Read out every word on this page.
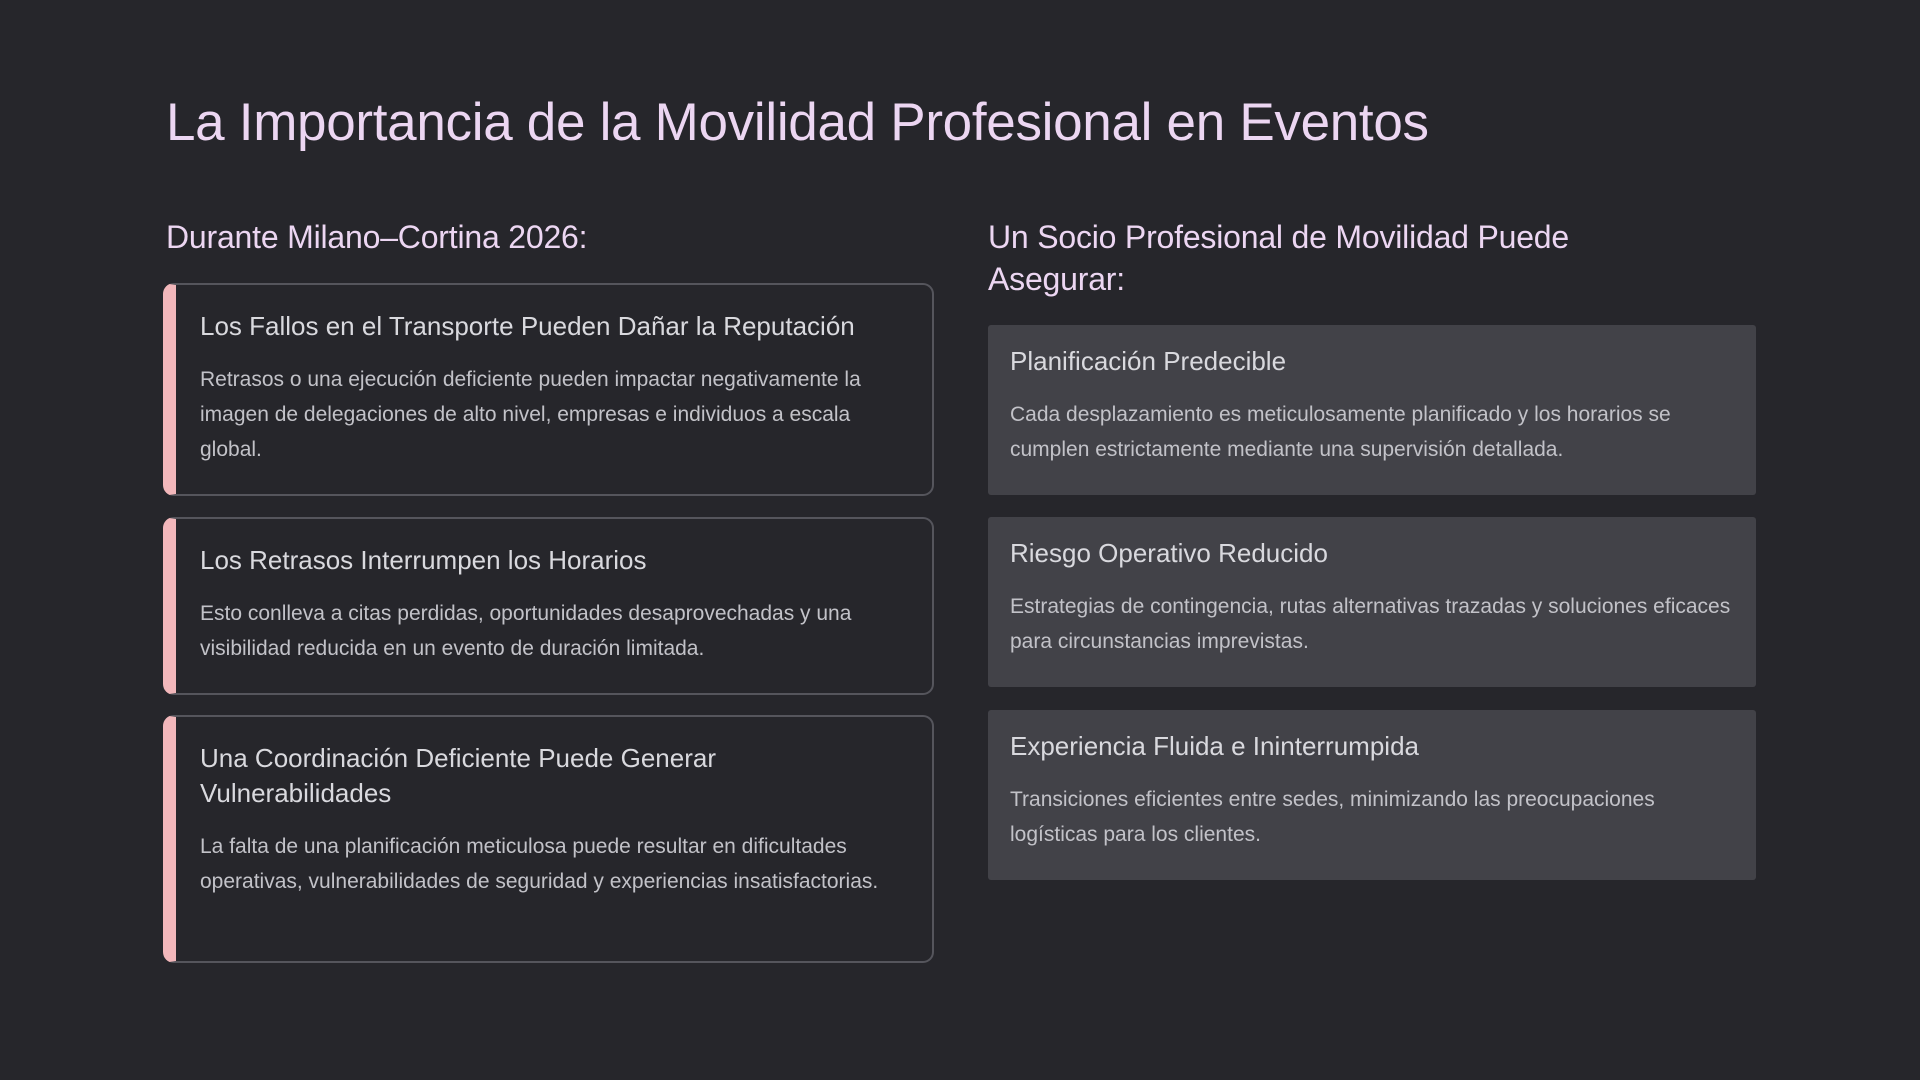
La Importancia de la Movilidad Profesional en Eventos
Durante Milano–Cortina 2026:
Los Fallos en el Transporte Pueden Dañar la Reputación

Retrasos o una ejecución deficiente pueden impactar negativamente la imagen de delegaciones de alto nivel, empresas e individuos a escala global.

Los Retrasos Interrumpen los Horarios

Esto conlleva a citas perdidas, oportunidades desaprovechadas y una visibilidad reducida en un evento de duración limitada.

Una Coordinación Deficiente Puede Generar Vulnerabilidades

La falta de una planificación meticulosa puede resultar en dificultades operativas, vulnerabilidades de seguridad y experiencias insatisfactorias.

Un Socio Profesional de Movilidad Puede Asegurar:
Planificación Predecible

Cada desplazamiento es meticulosamente planificado y los horarios se cumplen estrictamente mediante una supervisión detallada.

Riesgo Operativo Reducido

Estrategias de contingencia, rutas alternativas trazadas y soluciones eficaces para circunstancias imprevistas.

Experiencia Fluida e Ininterrumpida

Transiciones eficientes entre sedes, minimizando las preocupaciones logísticas para los clientes.
